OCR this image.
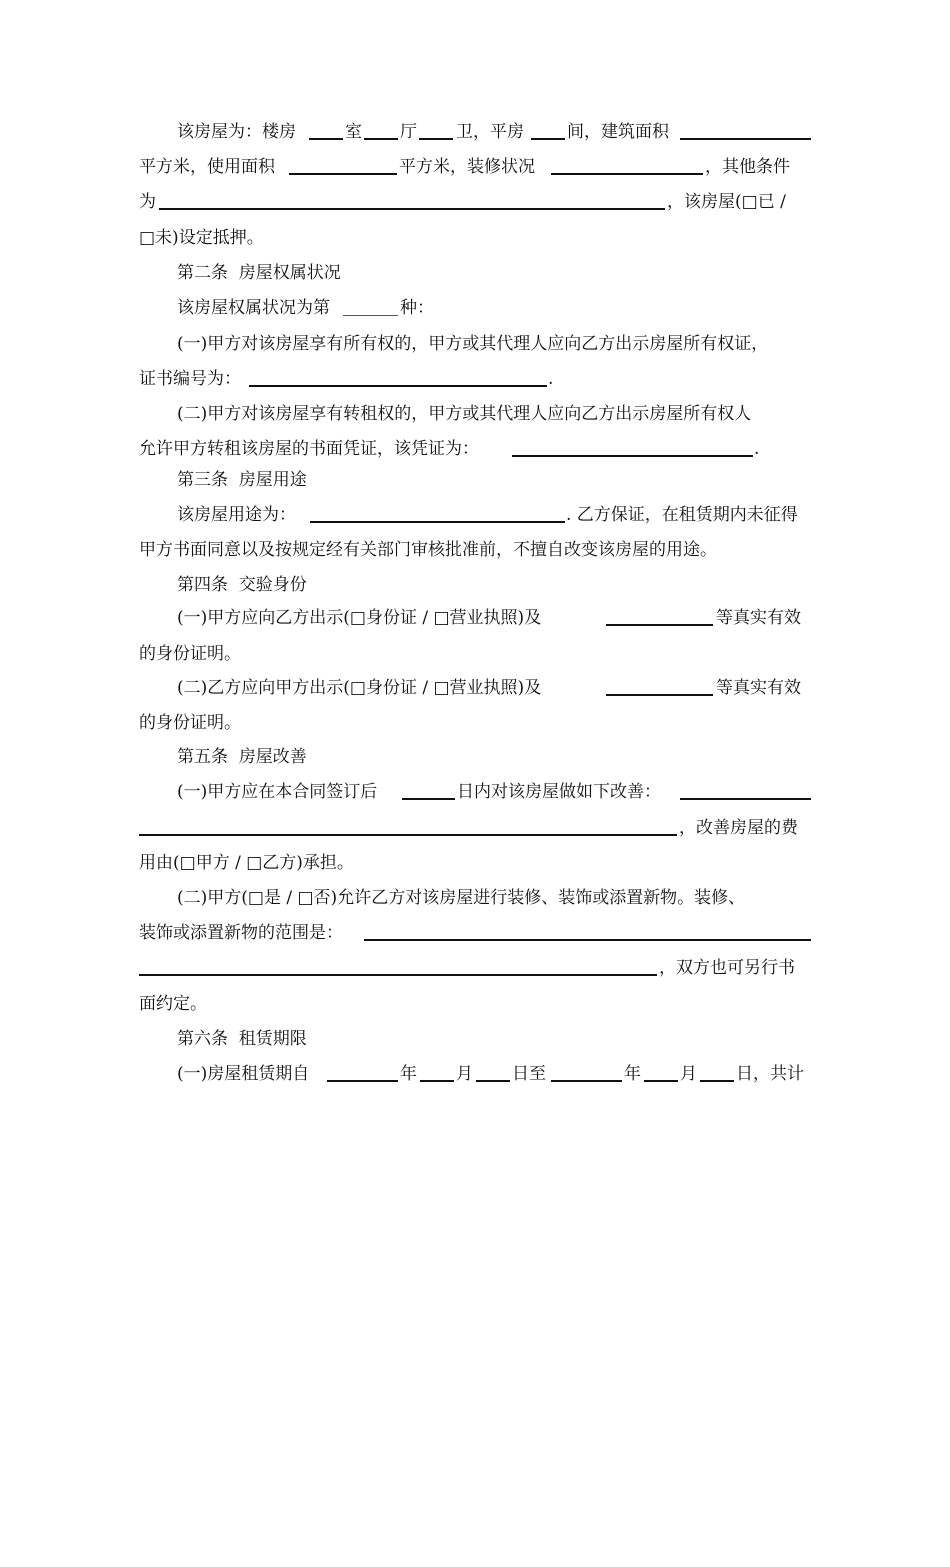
该房屋为：楼房

	室

厅

卫，平房

	间，建筑面积

平方米，使用面积

	平方米，装修状况

	，其他条件

为

	，该房屋(□已 /

□未)设定抵押。

第二条  房屋权属状况

该房屋权属状况为第

	种：

(一)甲方对该房屋享有所有权的，甲方或其代理人应向乙方出示房屋所有权证，

证书编号为：

	.

(二)甲方对该房屋享有转租权的，甲方或其代理人应向乙方出示房屋所有权人

允许甲方转租该房屋的书面凭证，该凭证为：

	.

第三条  房屋用途

该房屋用途为：

	. 乙方保证，在租赁期内未征得

甲方书面同意以及按规定经有关部门审核批准前，不擅自改变该房屋的用途。

第四条  交验身份

(一)甲方应向乙方出示(□身份证 / □营业执照)及

	等真实有效

的身份证明。

(二)乙方应向甲方出示(□身份证 / □营业执照)及

	等真实有效

的身份证明。

第五条  房屋改善

(一)甲方应在本合同签订后

	日内对该房屋做如下改善：

，改善房屋的费

用由(□甲方 / □乙方)承担。

(二)甲方(□是 / □否)允许乙方对该房屋进行装修、装饰或添置新物。装修、

装饰或添置新物的范围是：

，双方也可另行书

面约定。

第六条  租赁期限

(一)房屋租赁期自

	年

月

日至

	年

月

日，共计
